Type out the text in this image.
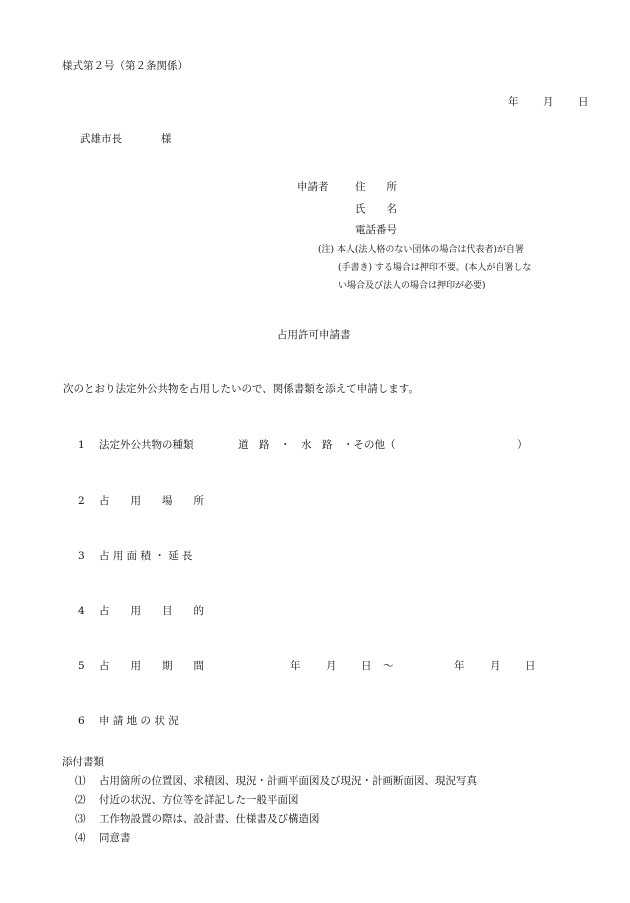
様式第２号（第２条関係）
年 月 日
武雄市長	様
申請者	住　　所
氏　　名
電話番号
(注) 本人(法人格のない団体の場合は代表者)が自署
(手書き) する場合は押印不要。(本人が自署しな
い場合及び法人の場合は押印が必要)
占用許可申請書
次のとおり法定外公共物を占用したいので、関係書類を添えて申請します。
1 法定外公共物の種類	道　路　・　水　路　・その他（	）
2 占　　用　　場　　所
3 占 用 面 積 ・ 延 長
4 占　　用　　目　　的
5 占　　用　　期　　間	年 月 日 ～	年 月 日
6 申 請 地 の 状 況
添付書類
⑴ 占用箇所の位置図、求積図、現況・計画平面図及び現況・計画断面図、現況写真
⑵ 付近の状況、方位等を詳記した一般平面図
⑶ 工作物設置の際は、設計書、仕様書及び構造図
⑷ 同意書
